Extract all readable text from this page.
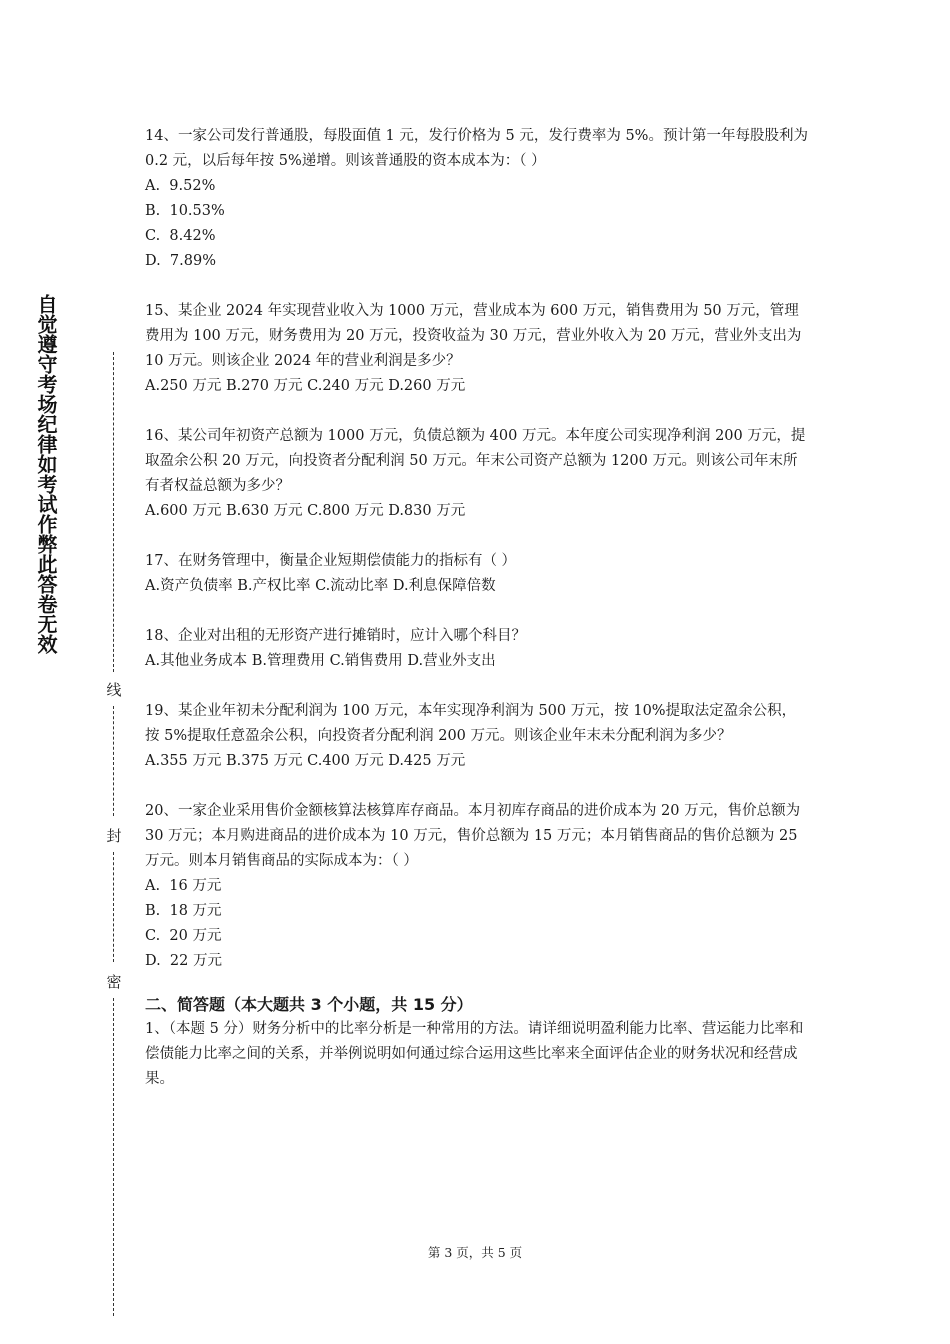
自觉遵守考场纪律如考试作弊此答卷无效
线
封
密

14、一家公司发行普通股，每股面值 1 元，发行价格为 5 元，发行费率为 5%。预计第一年每股股利为 0.2 元，以后每年按 5%递增。则该普通股的资本成本为：（ ）

A.  9.52%

B.  10.53%

C.  8.42%

D.  7.89%

15、某企业 2024 年实现营业收入为 1000 万元，营业成本为 600 万元，销售费用为 50 万元，管理费用为 100 万元，财务费用为 20 万元，投资收益为 30 万元，营业外收入为 20 万元，营业外支出为 10 万元。则该企业 2024 年的营业利润是多少？

A.250 万元 B.270 万元 C.240 万元 D.260 万元

16、某公司年初资产总额为 1000 万元，负债总额为 400 万元。本年度公司实现净利润 200 万元，提取盈余公积 20 万元，向投资者分配利润 50 万元。年末公司资产总额为 1200 万元。则该公司年末所有者权益总额为多少？

A.600 万元 B.630 万元 C.800 万元 D.830 万元

17、在财务管理中，衡量企业短期偿债能力的指标有（ ）

A.资产负债率 B.产权比率 C.流动比率 D.利息保障倍数

18、企业对出租的无形资产进行摊销时，应计入哪个科目？

A.其他业务成本 B.管理费用 C.销售费用 D.营业外支出

19、某企业年初未分配利润为 100 万元，本年实现净利润为 500 万元，按 10%提取法定盈余公积，按 5%提取任意盈余公积，向投资者分配利润 200 万元。则该企业年末未分配利润为多少？

A.355 万元 B.375 万元 C.400 万元 D.425 万元

20、一家企业采用售价金额核算法核算库存商品。本月初库存商品的进价成本为 20 万元，售价总额为 30 万元；本月购进商品的进价成本为 10 万元，售价总额为 15 万元；本月销售商品的售价总额为 25 万元。则本月销售商品的实际成本为：（ ）

A.  16 万元

B.  18 万元

C.  20 万元

D.  22 万元

二、简答题（本大题共 3 个小题，共 15 分）

1、（本题 5 分）财务分析中的比率分析是一种常用的方法。请详细说明盈利能力比率、营运能力比率和偿债能力比率之间的关系，并举例说明如何通过综合运用这些比率来全面评估企业的财务状况和经营成果。

第 3 页，共 5 页
